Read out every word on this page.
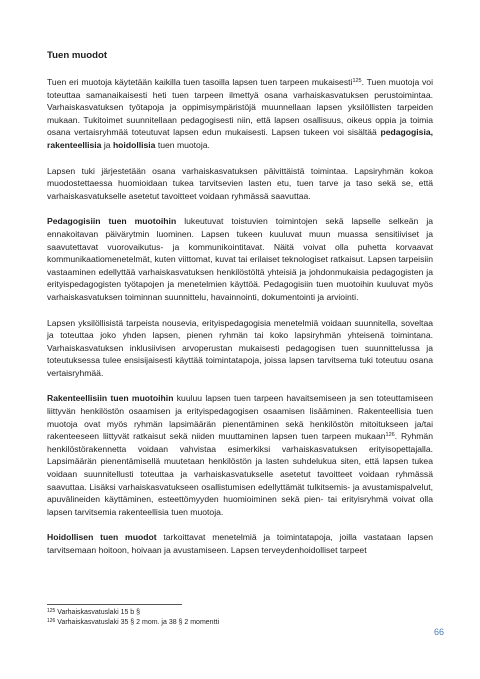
Tuen muodot

Tuen eri muotoja käytetään kaikilla tuen tasoilla lapsen tuen tarpeen mukaisesti$^{125}$. Tuen muotoja voi toteuttaa samanaikaisesti heti tuen tarpeen ilmettyä osana varhaiskasvatuksen perustoimintaa. Varhaiskasvatuksen työtapoja ja oppimisympäristöjä muunnellaan lapsen yksilöllisten tarpeiden mukaan. Tukitoimet suunnitellaan pedagogisesti niin, että lapsen osallisuus, oikeus oppia ja toimia osana vertaisryhmää toteutuvat lapsen edun mukaisesti. Lapsen tukeen voi sisältää pedagogisia, rakenteellisia ja hoidollisia tuen muotoja.

Lapsen tuki järjestetään osana varhaiskasvatuksen päivittäistä toimintaa. Lapsiryhmän kokoa muodostettaessa huomioidaan tukea tarvitsevien lasten etu, tuen tarve ja taso sekä se, että varhaiskasvatukselle asetetut tavoitteet voidaan ryhmässä saavuttaa.

Pedagogisiin tuen muotoihin lukeutuvat toistuvien toimintojen sekä lapselle selkeän ja ennakoitavan päivärytmin luominen. Lapsen tukeen kuuluvat muun muassa sensitiiviset ja saavutettavat vuorovaikutus- ja kommunikointitavat. Näitä voivat olla puhetta korvaavat kommunikaatiomenetelmät, kuten viittomat, kuvat tai erilaiset teknologiset ratkaisut. Lapsen tarpeisiin vastaaminen edellyttää varhaiskasvatuksen henkilöstöltä yhteisiä ja johdonmukaisia pedagogisten ja erityispedagogisten työtapojen ja menetelmien käyttöä. Pedagogisiin tuen muotoihin kuuluvat myös varhaiskasvatuksen toiminnan suunnittelu, havainnointi, dokumentointi ja arviointi.

Lapsen yksilöllisistä tarpeista nousevia, erityispedagogisia menetelmiä voidaan suunnitella, soveltaa ja toteuttaa joko yhden lapsen, pienen ryhmän tai koko lapsiryhmän yhteisenä toimintana. Varhaiskasvatuksen inklusiivisen arvoperustan mukaisesti pedagogisen tuen suunnittelussa ja toteutuksessa tulee ensisijaisesti käyttää toimintatapoja, joissa lapsen tarvitsema tuki toteutuu osana vertaisryhmää.

Rakenteellisiin tuen muotoihin kuuluu lapsen tuen tarpeen havaitsemiseen ja sen toteuttamiseen liittyvän henkilöstön osaamisen ja erityispedagogisen osaamisen lisääminen. Rakenteellisia tuen muotoja ovat myös ryhmän lapsimäärän pienentäminen sekä henkilöstön mitoitukseen ja/tai rakenteeseen liittyvät ratkaisut sekä niiden muuttaminen lapsen tuen tarpeen mukaan$^{126}$. Ryhmän henkilöstörakennetta voidaan vahvistaa esimerkiksi varhaiskasvatuksen erityisopettajalla. Lapsimäärän pienentämisellä muutetaan henkilöstön ja lasten suhdelukua siten, että lapsen tukea voidaan suunnitellusti toteuttaa ja varhaiskasvatukselle asetetut tavoitteet voidaan ryhmässä saavuttaa. Lisäksi varhaiskasvatukseen osallistumisen edellyttämät tulkitsemis- ja avustamispalvelut, apuvälineiden käyttäminen, esteettömyyden huomioiminen sekä pien- tai erityisryhmä voivat olla lapsen tarvitsemia rakenteellisia tuen muotoja.

Hoidollisen tuen muodot tarkoittavat menetelmiä ja toimintatapoja, joilla vastataan lapsen tarvitsemaan hoitoon, hoivaan ja avustamiseen. Lapsen terveydenhoidolliset tarpeet

$^{125}$ Varhaiskasvatuslaki 15 b §
$^{126}$ Varhaiskasvatuslaki 35 § 2 mom. ja 38 § 2 momentti
66
